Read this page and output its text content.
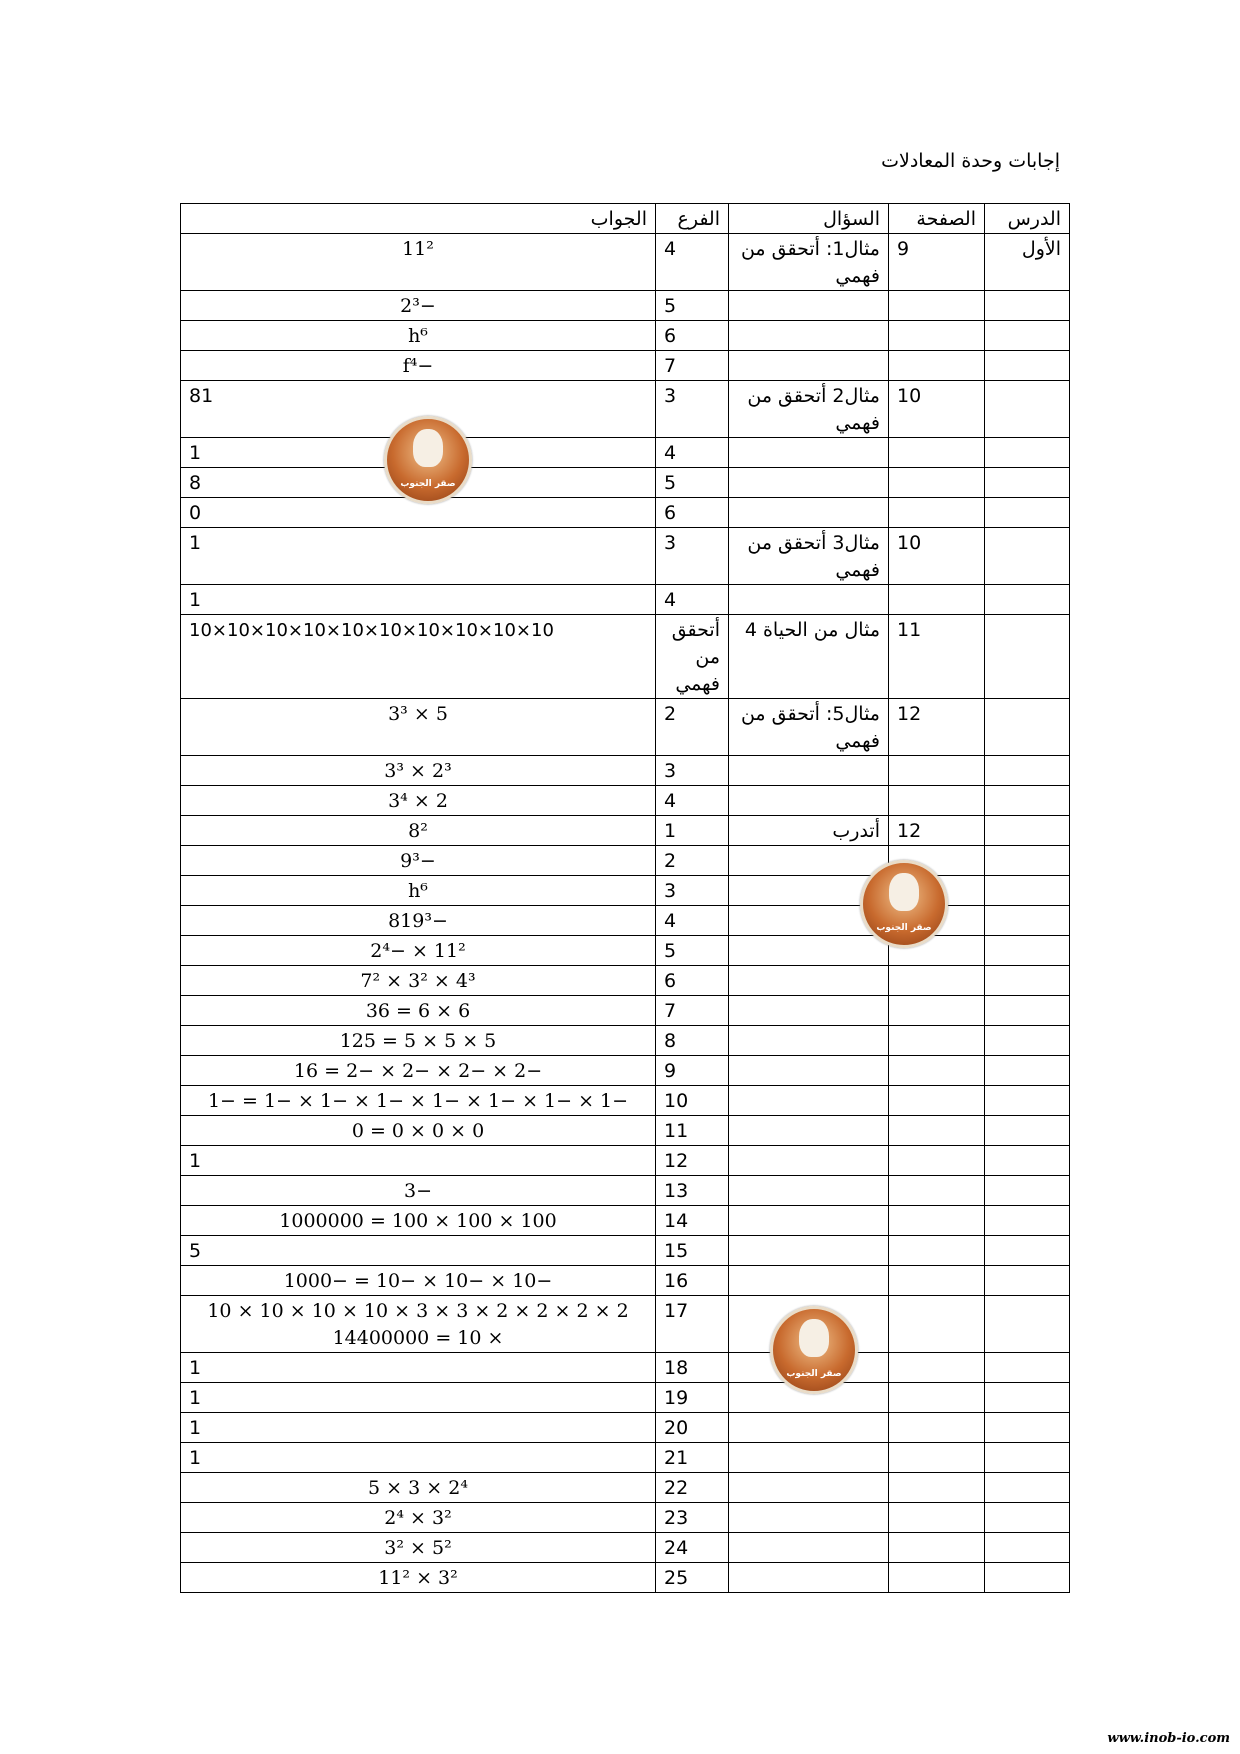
إجابات وحدة المعادلات
الدرس	الصفحة	السؤال	الفرع	الجواب
الأول	9	مثال1: أتحقق من فهمي	4	11²
			5	−2³
			6	h⁶
			7	−f⁴
	10	مثال2 أتحقق من فهمي	3	81
			4	1
			5	8
			6	0
	10	مثال3 أتحقق من فهمي	3	1
			4	1
	11	مثال من الحياة 4	أتحقق من فهمي	10×10×10×10×10×10×10×10×10×10
	12	مثال5: أتحقق من فهمي	2	5 × 3³
			3	2³ × 3³
			4	2 × 3⁴
	12	أتدرب	1	8²
			2	−9³
			3	h⁶
			4	−819³
			5	11² × −2⁴
			6	4³ × 3² × 7²
			7	6 × 6 = 36
			8	5 × 5 × 5 = 125
			9	−2 × −2 × −2 × −2 = 16
			10	−1 × −1 × −1 × −1 × −1 × −1 × −1 = −1
			11	0 × 0 × 0 = 0
			12	1
			13	−3
			14	100 × 100 × 100 = 1000000
			15	5
			16	−10 × −10 × −10 = −1000
			17	2 × 2 × 2 × 2 × 3 × 3 × 10 × 10 × 10 × 10
× 10 = 14400000
			18	1
			19	1
			20	1
			21	1
			22	2⁴ × 3 × 5
			23	3² × 2⁴
			24	5² × 3²
			25	3² × 11²
صقر الجنوب
صقر الجنوب
صقر الجنوب
www.inob-io.com
